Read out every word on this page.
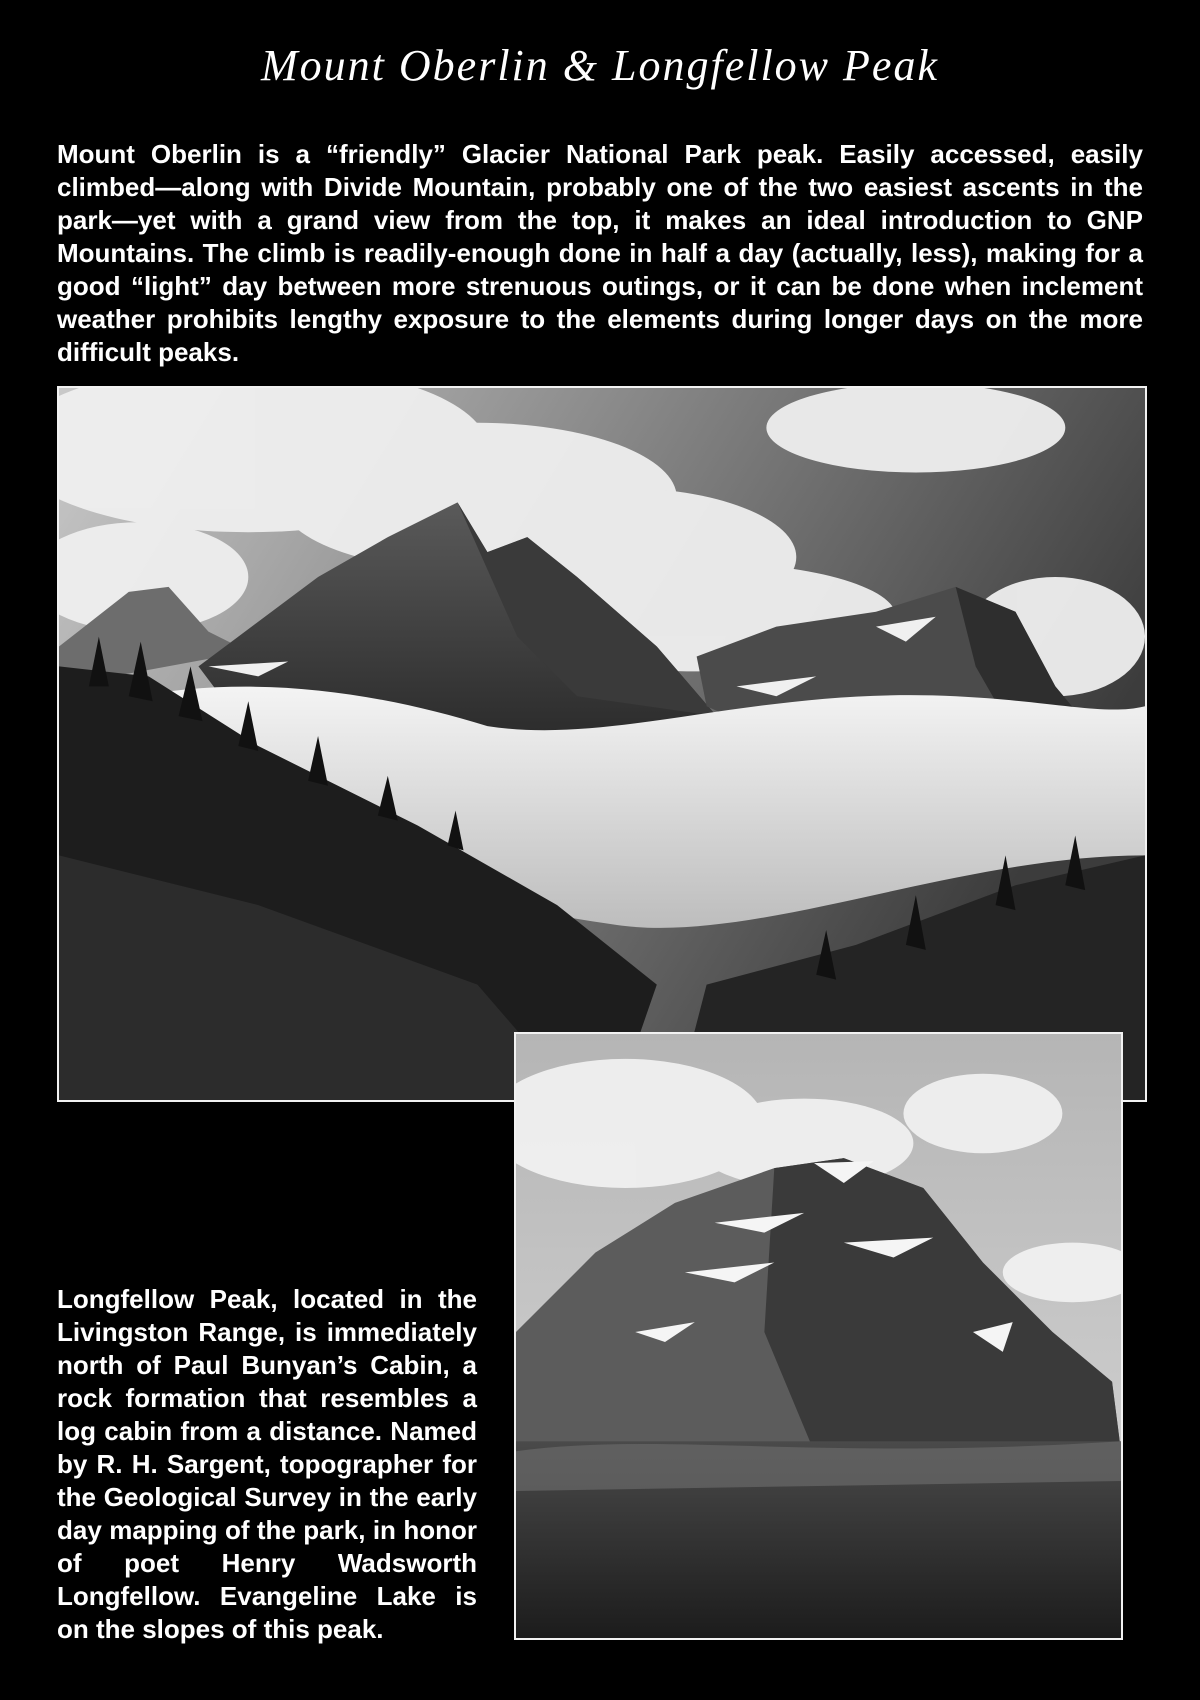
Mount Oberlin & Longfellow Peak

Mount Oberlin is a “friendly” Glacier National Park peak. Easily accessed, easily climbed—along with Divide Mountain, probably one of the two easiest ascents in the park—yet with a grand view from the top, it makes an ideal introduction to GNP Mountains. The climb is readily-enough done in half a day (actually, less), making for a good “light” day between more strenuous outings, or it can be done when inclement weather prohibits lengthy exposure to the elements during longer days on the more difficult peaks.

Longfellow Peak, located in the Livingston Range, is immediately north of Paul Bunyan’s Cabin, a rock formation that resembles a log cabin from a distance. Named by R. H. Sargent, topographer for the Geological Survey in the early day mapping of the park, in honor of poet Henry Wadsworth Longfellow. Evangeline Lake is on the slopes of this peak.
